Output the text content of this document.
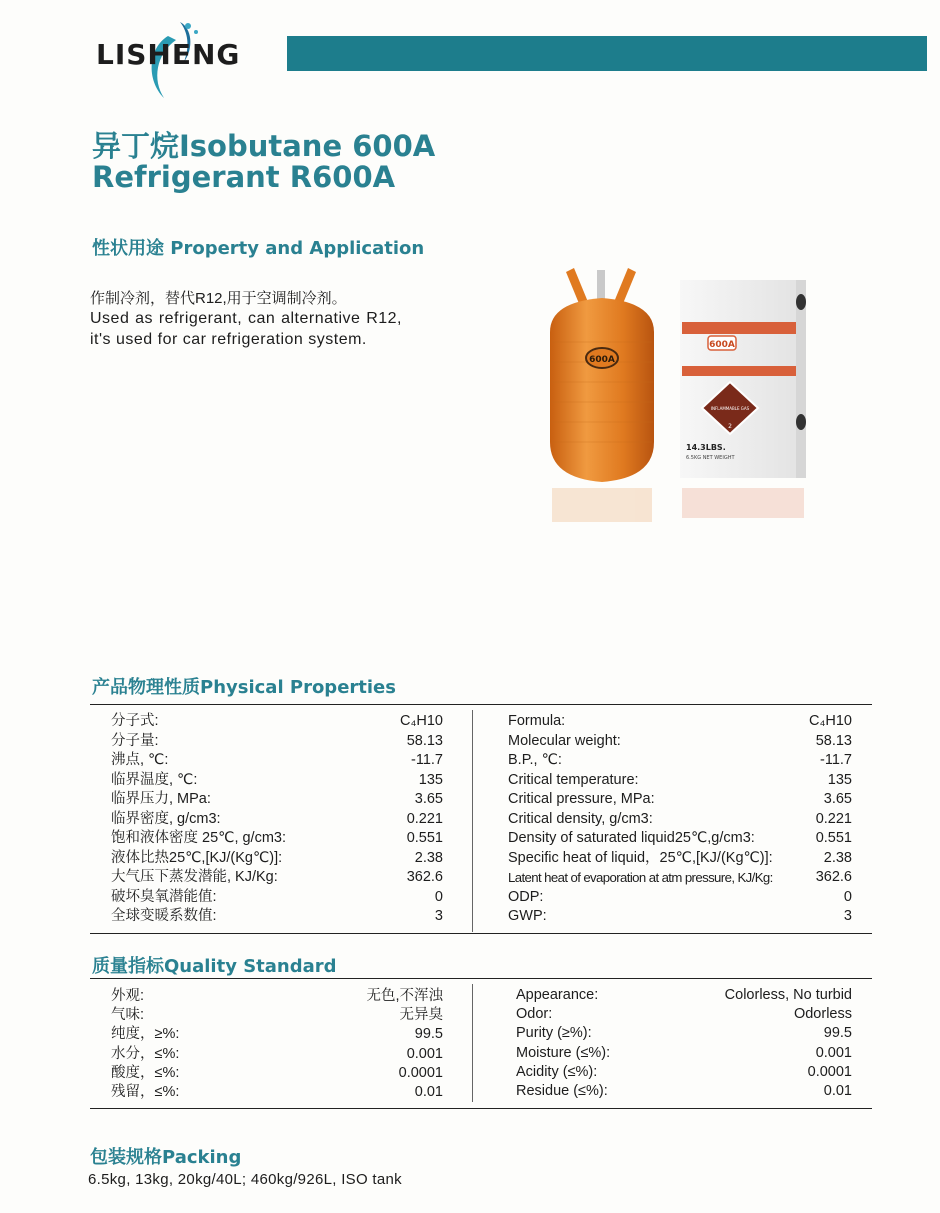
LISHENG
异丁烷Isobutane 600A
Refrigerant R600A
性状用途 Property and Application
作制冷剂，替代R12,用于空调制冷剂。
Used as refrigerant, can alternative R12, it's used for car refrigeration system.
600A
600A
INFLAMMABLE GAS
2
14.3LBS.
6.5KG NET WEIGHT
产品物理性质Physical Properties
分子式:	C₄H10
分子量:	58.13
沸点, ℃:	-11.7
临界温度, ℃:	135
临界压力, MPa:	3.65
临界密度, g/cm3:	0.221
饱和液体密度 25℃, g/cm3:	0.551
液体比热25℃,[KJ/(Kg℃)]:	2.38
大气压下蒸发潜能, KJ/Kg:	362.6
破坏臭氧潜能值:	0
全球变暖系数值:	3
Formula:	C₄H10
Molecular weight:	58.13
B.P., ℃:	-11.7
Critical temperature:	135
Critical pressure, MPa:	3.65
Critical density, g/cm3:	0.221
Density of saturated liquid25℃,g/cm3:	0.551
Specific heat of liquid，25℃,[KJ/(Kg℃)]:	2.38
Latent heat of evaporation at atm pressure, KJ/Kg:	362.6
ODP:	0
GWP:	3
质量指标Quality Standard
外观:	无色,不浑浊
气味:	无异臭
纯度，≥%:	99.5
水分，≤%:	0.001
酸度，≤%:	0.0001
残留，≤%:	0.01
Appearance:	Colorless, No turbid
Odor:	Odorless
Purity (≥%):	99.5
Moisture (≤%):	0.001
Acidity (≤%):	0.0001
Residue (≤%):	0.01
包装规格Packing
6.5kg, 13kg, 20kg/40L; 460kg/926L, ISO tank
